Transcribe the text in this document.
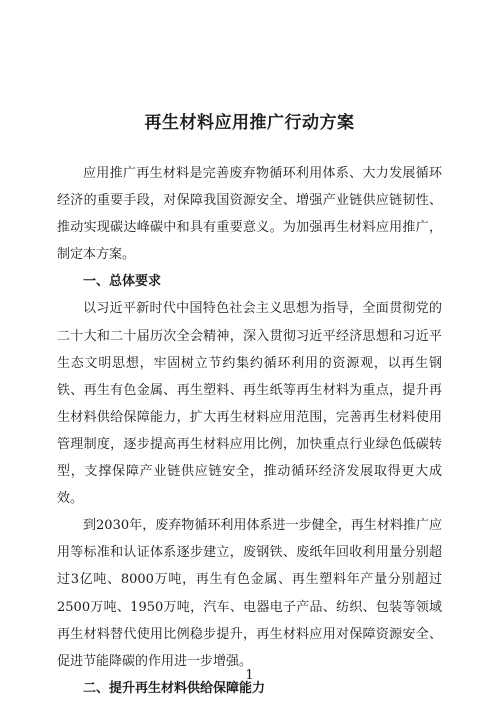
再生材料应用推广行动方案

应用推广再生材料是完善废弃物循环利用体系、大力发展循环经济的重要手段，对保障我国资源安全、增强产业链供应链韧性、推动实现碳达峰碳中和具有重要意义。为加强再生材料应用推广，制定本方案。

一、总体要求

以习近平新时代中国特色社会主义思想为指导，全面贯彻党的二十大和二十届历次全会精神，深入贯彻习近平经济思想和习近平生态文明思想，牢固树立节约集约循环利用的资源观，以再生钢铁、再生有色金属、再生塑料、再生纸等再生材料为重点，提升再生材料供给保障能力，扩大再生材料应用范围，完善再生材料使用管理制度，逐步提高再生材料应用比例，加快重点行业绿色低碳转型，支撑保障产业链供应链安全，推动循环经济发展取得更大成效。

到2030年，废弃物循环利用体系进一步健全，再生材料推广应用等标准和认证体系逐步建立，废钢铁、废纸年回收利用量分别超过3亿吨、8000万吨，再生有色金属、再生塑料年产量分别超过2500万吨、1950万吨，汽车、电器电子产品、纺织、包装等领域再生材料替代使用比例稳步提升，再生材料应用对保障资源安全、促进节能降碳的作用进一步增强。

二、提升再生材料供给保障能力

1
